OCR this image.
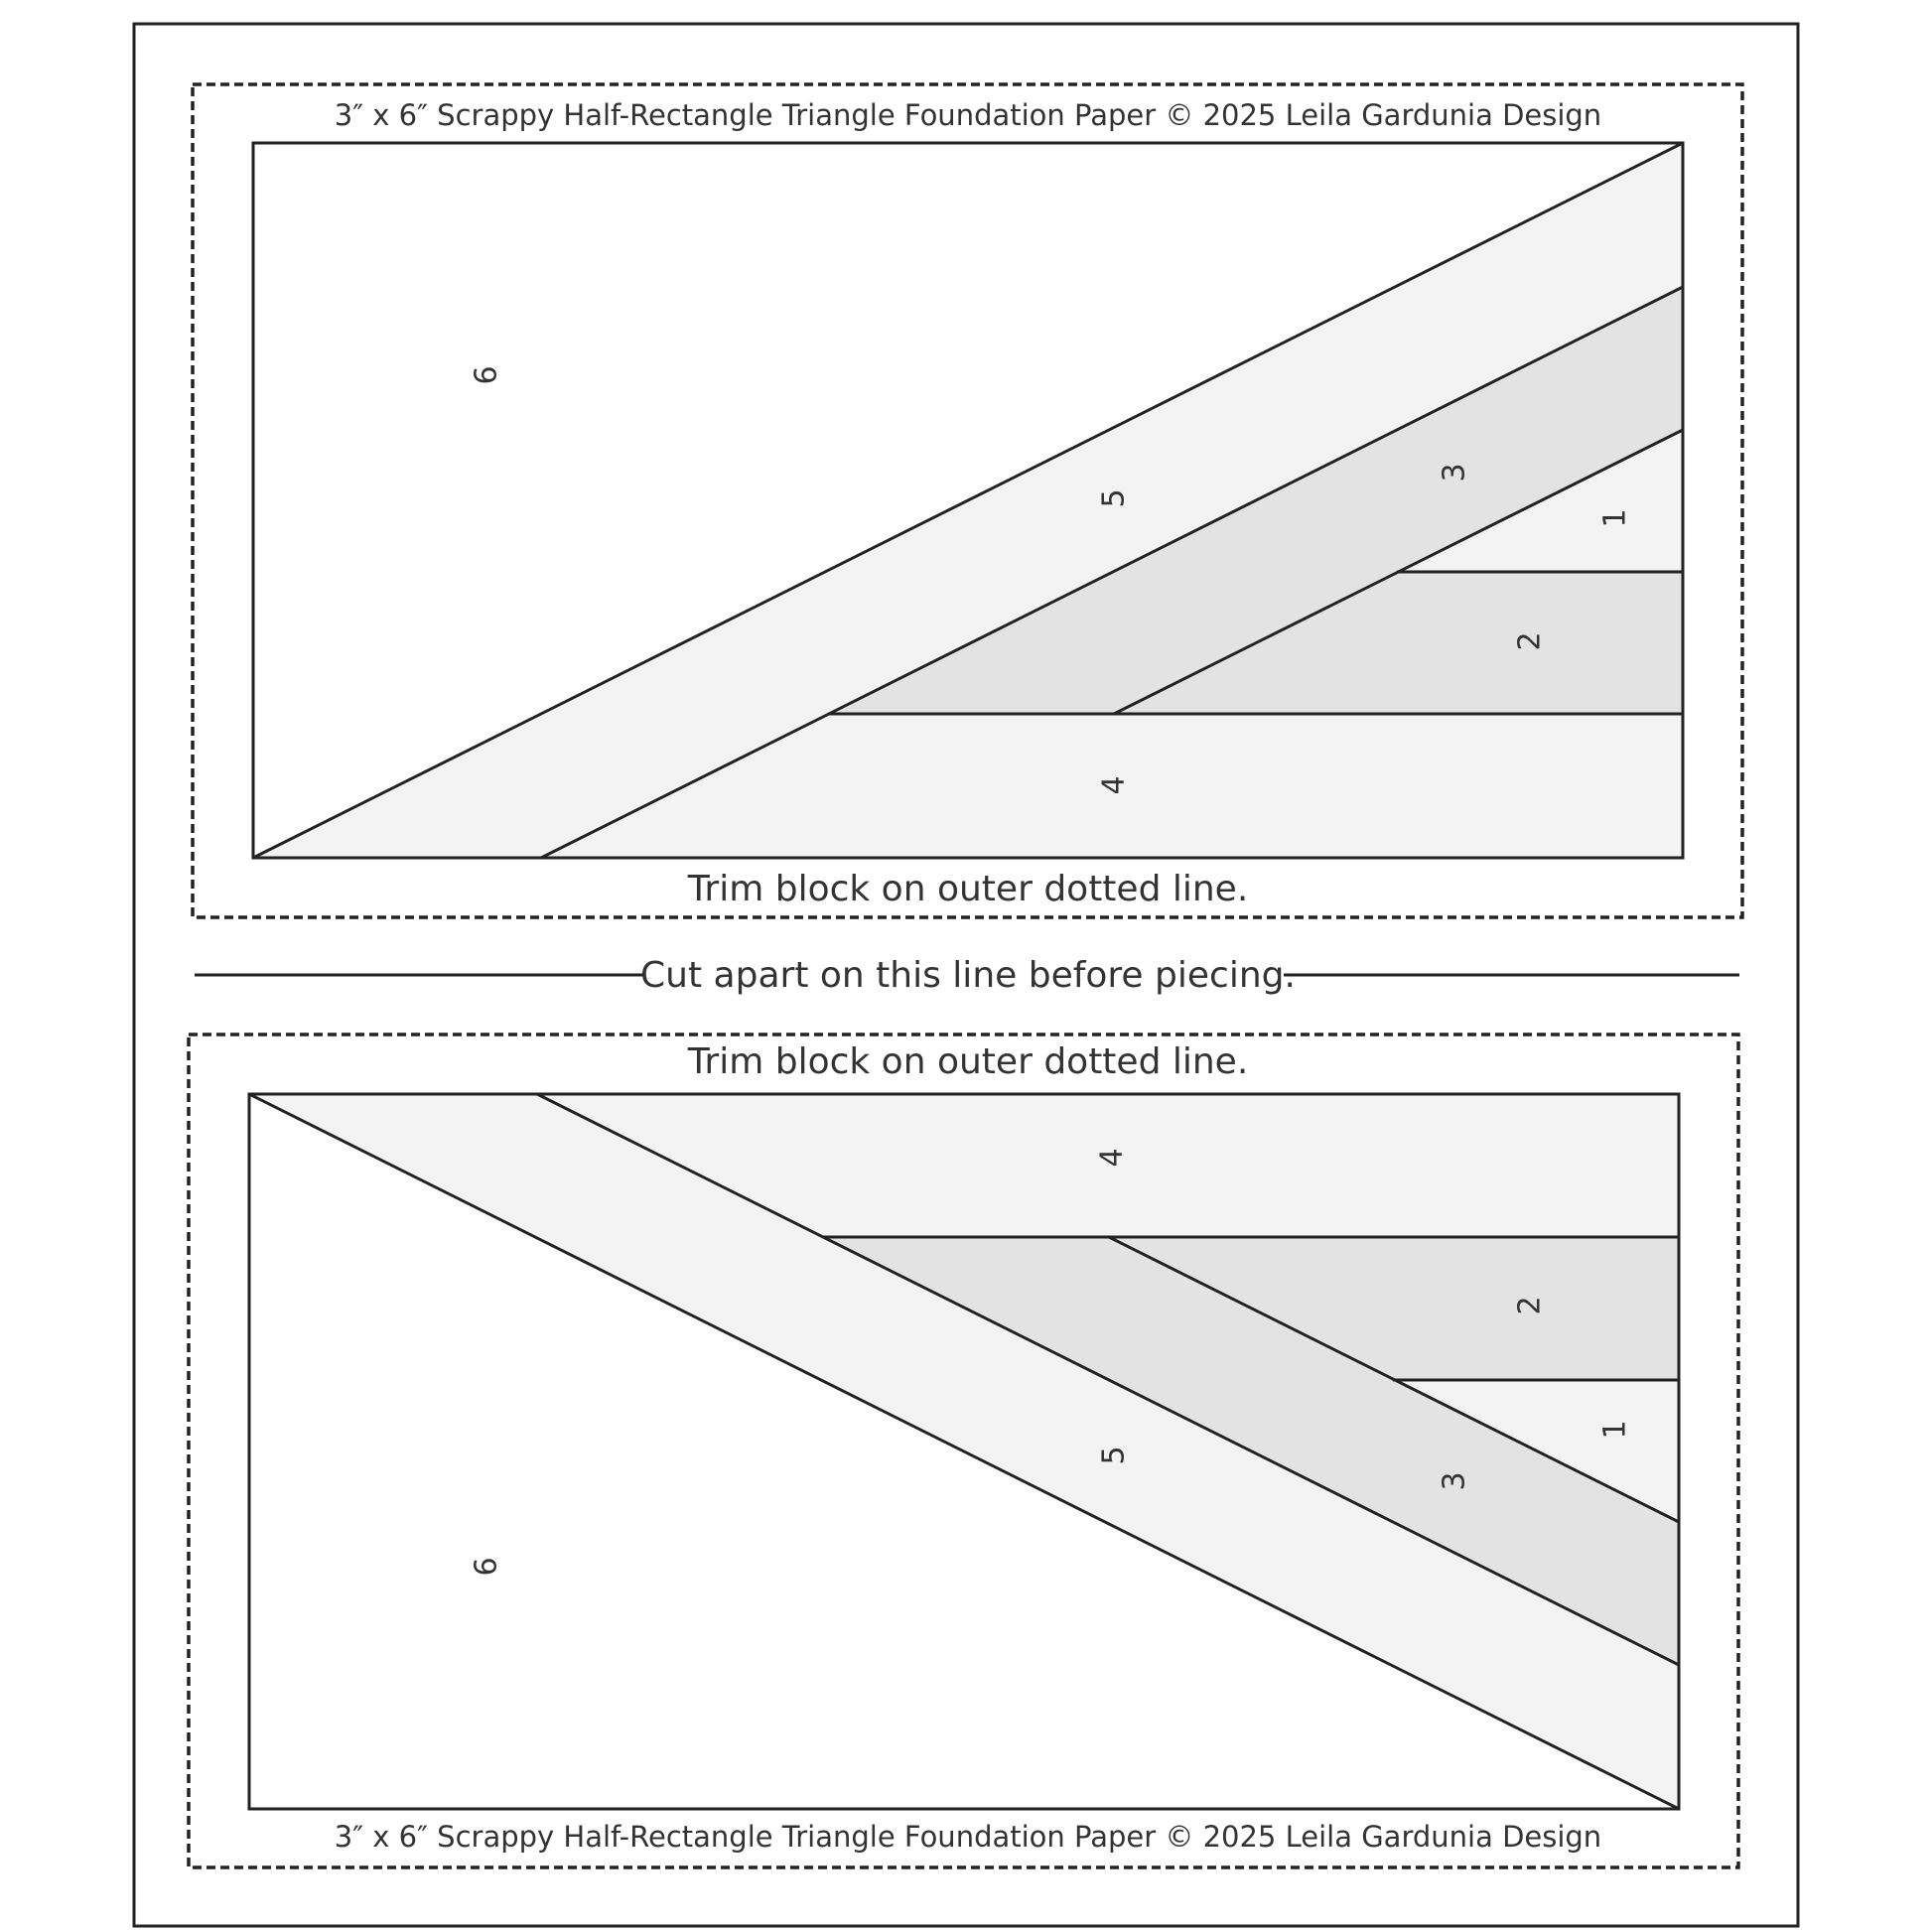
3″ x 6″ Scrappy Half-Rectangle Triangle Foundation Paper © 2025 Leila Gardunia Design
6
5
3
1
2
4
Trim block on outer dotted line.
Cut apart on this line before piecing.
Trim block on outer dotted line.
4
2
1
5
3
6
3″ x 6″ Scrappy Half-Rectangle Triangle Foundation Paper © 2025 Leila Gardunia Design
